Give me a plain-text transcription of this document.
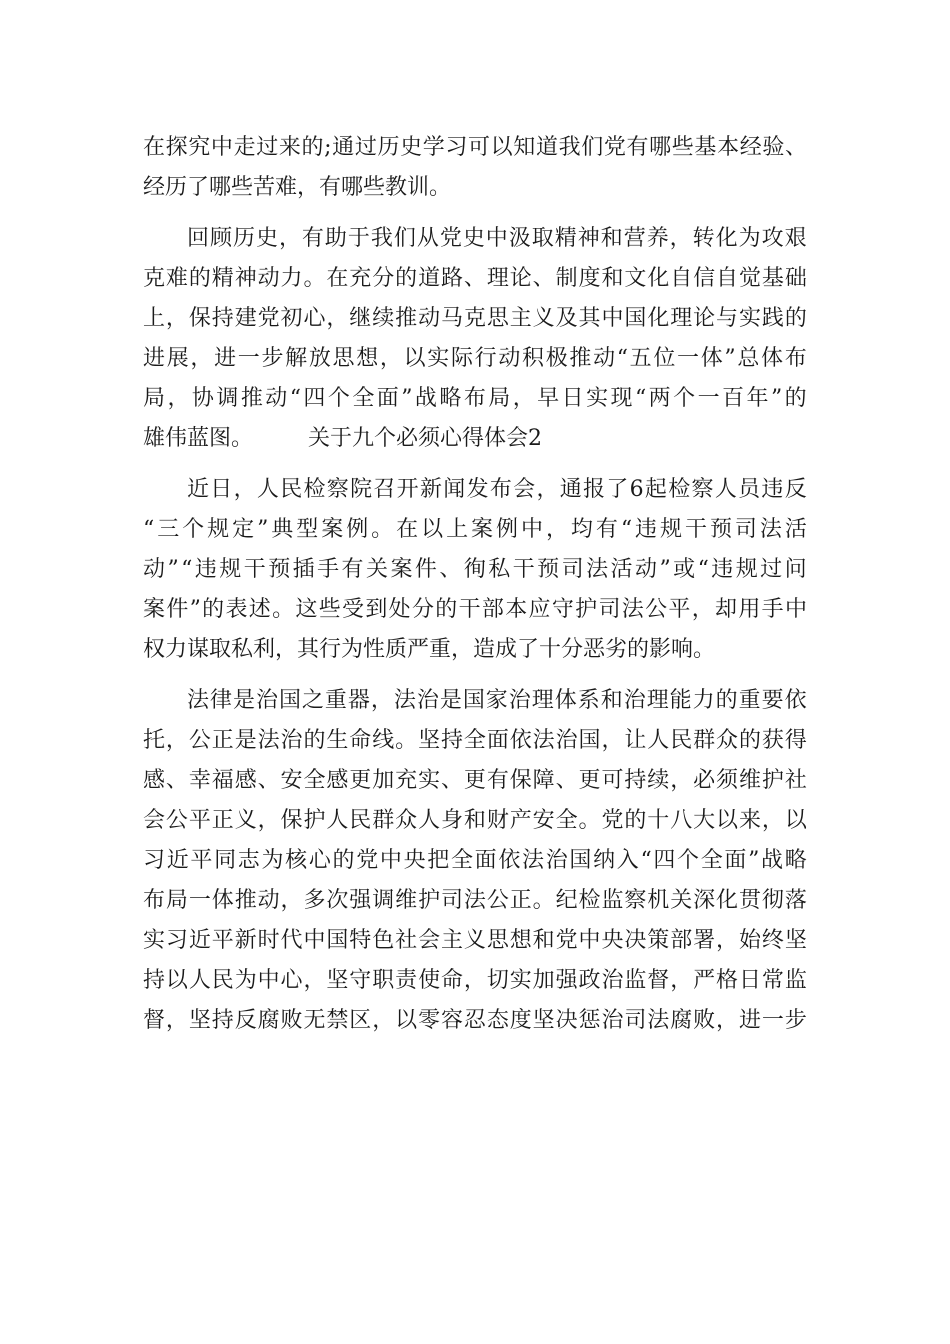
在 探 究 中 走 过 来 的 ; 通 过 历 史 学 习 可 以 知 道 我 们 党 有 哪 些 基 本 经 验 、
经历了哪些苦难，有哪些教训。
回 顾 历 史 ， 有 助 于 我 们 从 党 史 中 汲 取 精 神 和 营 养 ， 转 化 为 攻 艰
克 难 的 精 神 动 力 。 在 充 分 的 道 路 、 理 论 、 制 度 和 文 化 自 信 自 觉 基 础
上 ， 保 持 建 党 初 心 ， 继 续 推 动 马 克 思 主 义 及 其 中 国 化 理 论 与 实 践 的
进 展 ， 进 一 步 解 放 思 想 ， 以 实 际 行 动 积 极 推 动 “ 五 位 一 体 ” 总 体 布
局 ， 协 调 推 动 “ 四 个 全 面 ” 战 略 布 局 ， 早 日 实 现 “ 两 个 一 百 年 ” 的
雄伟蓝图。	关于九个必须心得体会2
近 日 ， 人 民 检 察 院 召 开 新 闻 发 布 会 ， 通 报 了 6 起 检 察 人 员 违 反
“ 三 个 规 定 ” 典 型 案 例 。 在 以 上 案 例 中 ， 均 有 “ 违 规 干 预 司 法 活
动 ” “ 违 规 干 预 插 手 有 关 案 件 、 徇 私 干 预 司 法 活 动 ” 或 “ 违 规 过 问
案 件 ” 的 表 述 。 这 些 受 到 处 分 的 干 部 本 应 守 护 司 法 公 平 ， 却 用 手 中
权力谋取私利，其行为性质严重，造成了十分恶劣的影响。
法 律 是 治 国 之 重 器 ， 法 治 是 国 家 治 理 体 系 和 治 理 能 力 的 重 要 依
托 ， 公 正 是 法 治 的 生 命 线 。 坚 持 全 面 依 法 治 国 ， 让 人 民 群 众 的 获 得
感 、 幸 福 感 、 安 全 感 更 加 充 实 、 更 有 保 障 、 更 可 持 续 ， 必 须 维 护 社
会 公 平 正 义 ， 保 护 人 民 群 众 人 身 和 财 产 安 全 。 党 的 十 八 大 以 来 ， 以
习 近 平 同 志 为 核 心 的 党 中 央 把 全 面 依 法 治 国 纳 入 “ 四 个 全 面 ” 战 略
布 局 一 体 推 动 ， 多 次 强 调 维 护 司 法 公 正 。 纪 检 监 察 机 关 深 化 贯 彻 落
实 习 近 平 新 时 代 中 国 特 色 社 会 主 义 思 想 和 党 中 央 决 策 部 署 ， 始 终 坚
持 以 人 民 为 中 心 ， 坚 守 职 责 使 命 ， 切 实 加 强 政 治 监 督 ， 严 格 日 常 监
督 ， 坚 持 反 腐 败 无 禁 区 ， 以 零 容 忍 态 度 坚 决 惩 治 司 法 腐 败 ， 进 一 步
